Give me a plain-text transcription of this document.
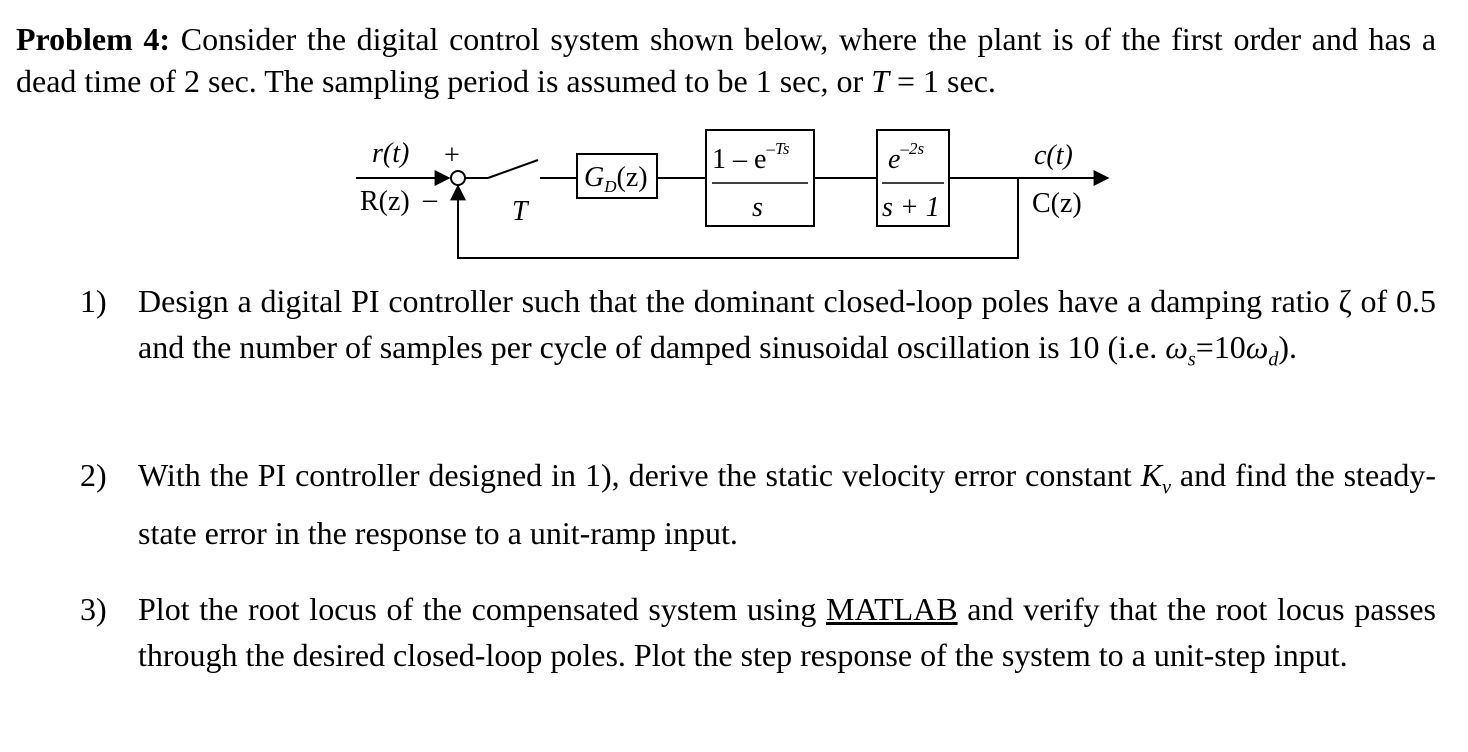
Problem 4: Consider the digital control system shown below, where the plant is of the first order and has a dead time of 2 sec. The sampling period is assumed to be 1 sec, or T = 1 sec.
r(t)
R(z)
+
–	T
$G_D(z)$
$1 - e^{-Ts}$
s
$e^{-2s}$
s + 1
c(t)
C(z)
1) Design a digital PI controller such that the dominant closed-loop poles have a damping ratio ζ of 0.5 and the number of samples per cycle of damped sinusoidal oscillation is 10 (i.e. $\omega_s=10\omega_d$).
2) With the PI controller designed in 1), derive the static velocity error constant $K_v$ and find the steady-state error in the response to a unit-ramp input.
3) Plot the root locus of the compensated system using MATLAB and verify that the root locus passes through the desired closed-loop poles. Plot the step response of the system to a unit-step input.
